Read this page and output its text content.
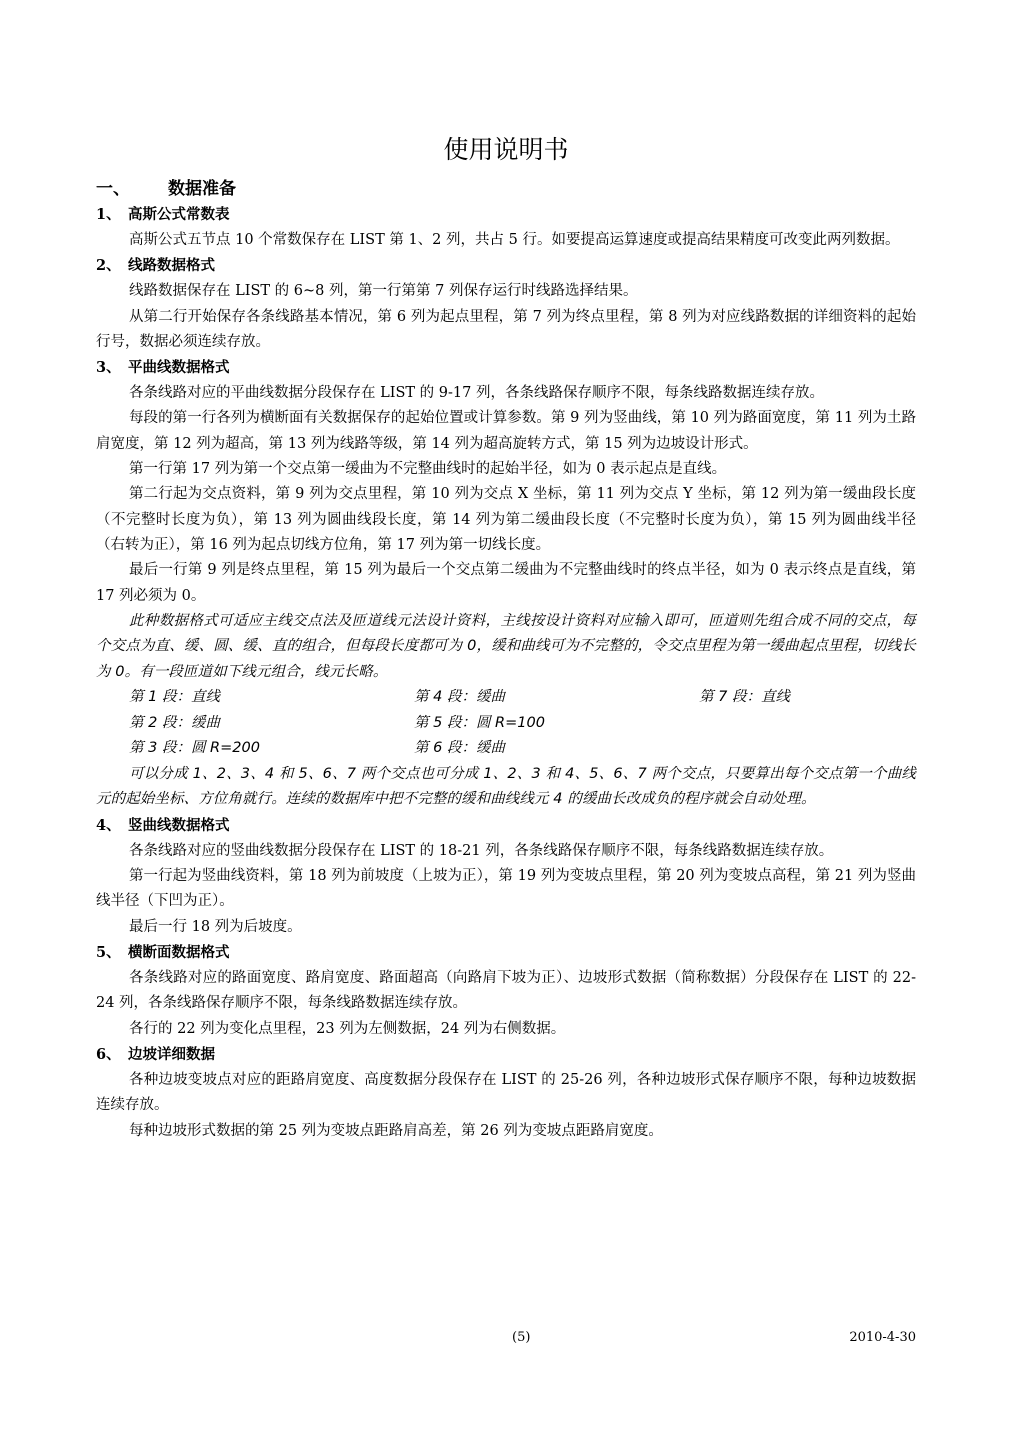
使用说明书
一、 数据准备
1、 高斯公式常数表

高斯公式五节点 10 个常数保存在 LIST 第 1、2 列，共占 5 行。如要提高运算速度或提高结果精度可改变此两列数据。

2、 线路数据格式

线路数据保存在 LIST 的 6~8 列，第一行第第 7 列保存运行时线路选择结果。

从第二行开始保存各条线路基本情况，第 6 列为起点里程，第 7 列为终点里程，第 8 列为对应线路数据的详细资料的起始行号，数据必须连续存放。

3、 平曲线数据格式

各条线路对应的平曲线数据分段保存在 LIST 的 9-17 列，各条线路保存顺序不限，每条线路数据连续存放。

每段的第一行各列为横断面有关数据保存的起始位置或计算参数。第 9 列为竖曲线，第 10 列为路面宽度，第 11 列为土路肩宽度，第 12 列为超高，第 13 列为线路等级，第 14 列为超高旋转方式，第 15 列为边坡设计形式。

第一行第 17 列为第一个交点第一缓曲为不完整曲线时的起始半径，如为 0 表示起点是直线。

第二行起为交点资料，第 9 列为交点里程，第 10 列为交点 X 坐标，第 11 列为交点 Y 坐标，第 12 列为第一缓曲段长度（不完整时长度为负），第 13 列为圆曲线段长度，第 14 列为第二缓曲段长度（不完整时长度为负），第 15 列为圆曲线半径（右转为正），第 16 列为起点切线方位角，第 17 列为第一切线长度。

最后一行第 9 列是终点里程，第 15 列为最后一个交点第二缓曲为不完整曲线时的终点半径，如为 0 表示终点是直线，第 17 列必须为 0。

此种数据格式可适应主线交点法及匝道线元法设计资料，主线按设计资料对应输入即可，匝道则先组合成不同的交点，每个交点为直、缓、圆、缓、直的组合，但每段长度都可为 0，缓和曲线可为不完整的，令交点里程为第一缓曲起点里程，切线长为 0。有一段匝道如下线元组合，线元长略。

第 1 段：直线	第 4 段：缓曲	第 7 段：直线
第 2 段：缓曲	第 5 段：圆 R=100
第 3 段：圆 R=200	第 6 段：缓曲

可以分成 1、2、3、4 和 5、6、7 两个交点也可分成 1、2、3 和 4、5、6、7 两个交点，只要算出每个交点第一个曲线元的起始坐标、方位角就行。连续的数据库中把不完整的缓和曲线线元 4 的缓曲长改成负的程序就会自动处理。

4、 竖曲线数据格式

各条线路对应的竖曲线数据分段保存在 LIST 的 18-21 列，各条线路保存顺序不限，每条线路数据连续存放。

第一行起为竖曲线资料，第 18 列为前坡度（上坡为正），第 19 列为变坡点里程，第 20 列为变坡点高程，第 21 列为竖曲线半径（下凹为正）。

最后一行 18 列为后坡度。

5、 横断面数据格式

各条线路对应的路面宽度、路肩宽度、路面超高（向路肩下坡为正）、边坡形式数据（简称数据）分段保存在 LIST 的 22-24 列，各条线路保存顺序不限，每条线路数据连续存放。

各行的 22 列为变化点里程，23 列为左侧数据，24 列为右侧数据。

6、 边坡详细数据

各种边坡变坡点对应的距路肩宽度、高度数据分段保存在 LIST 的 25-26 列，各种边坡形式保存顺序不限，每种边坡数据连续存放。

每种边坡形式数据的第 25 列为变坡点距路肩高差，第 26 列为变坡点距路肩宽度。

(5)	2010-4-30
